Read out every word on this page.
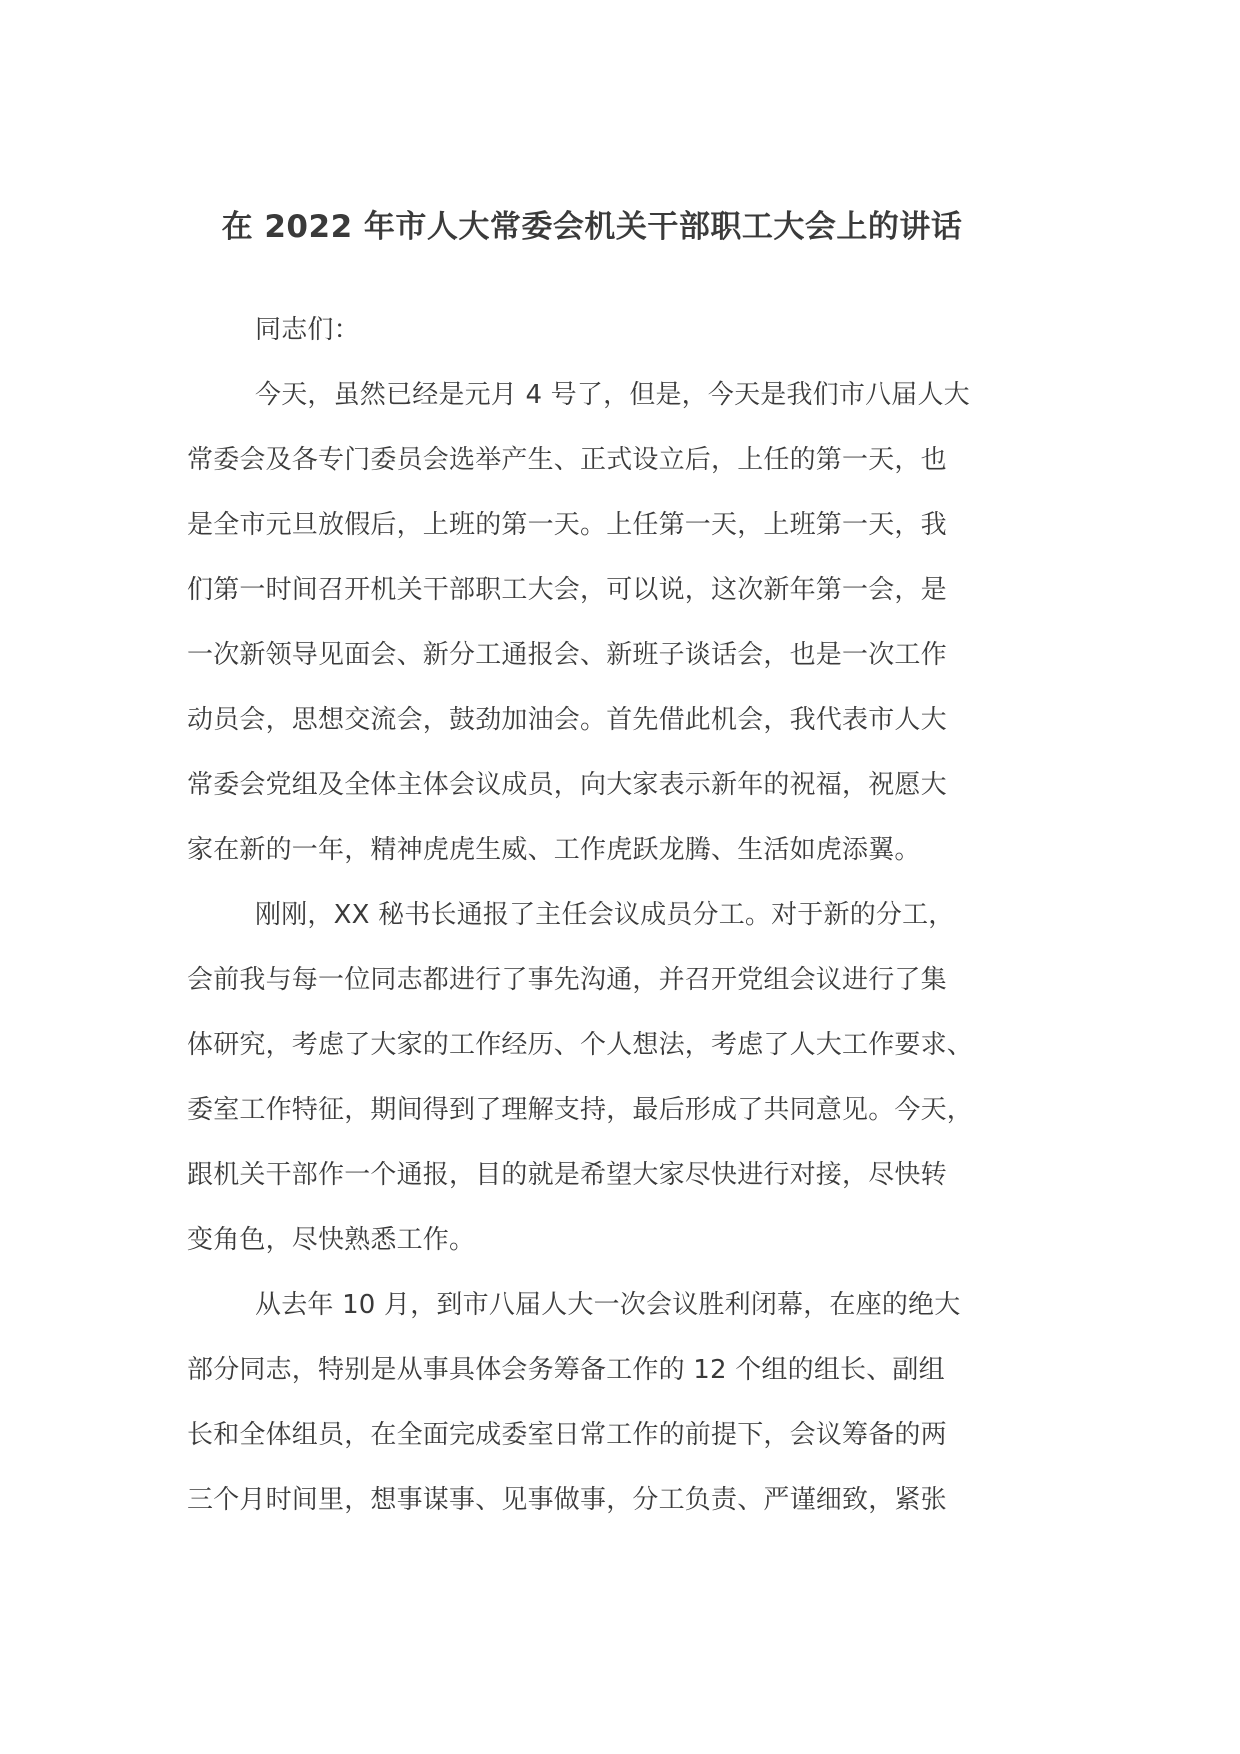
在 2022 年市人大常委会机关干部职工大会上的讲话

同志们：

今天，虽然已经是元月 4 号了，但是，今天是我们市八届人大
常委会及各专门委员会选举产生、正式设立后，上任的第一天，也
是全市元旦放假后，上班的第一天。上任第一天，上班第一天，我
们第一时间召开机关干部职工大会，可以说，这次新年第一会，是
一次新领导见面会、新分工通报会、新班子谈话会，也是一次工作
动员会，思想交流会，鼓劲加油会。首先借此机会，我代表市人大
常委会党组及全体主体会议成员，向大家表示新年的祝福，祝愿大
家在新的一年，精神虎虎生威、工作虎跃龙腾、生活如虎添翼。

刚刚，XX 秘书长通报了主任会议成员分工。对于新的分工，
会前我与每一位同志都进行了事先沟通，并召开党组会议进行了集
体研究，考虑了大家的工作经历、个人想法，考虑了人大工作要求、
委室工作特征，期间得到了理解支持，最后形成了共同意见。今天，
跟机关干部作一个通报，目的就是希望大家尽快进行对接，尽快转
变角色，尽快熟悉工作。

从去年 10 月，到市八届人大一次会议胜利闭幕，在座的绝大
部分同志，特别是从事具体会务筹备工作的 12 个组的组长、副组
长和全体组员，在全面完成委室日常工作的前提下，会议筹备的两
三个月时间里，想事谋事、见事做事，分工负责、严谨细致，紧张
